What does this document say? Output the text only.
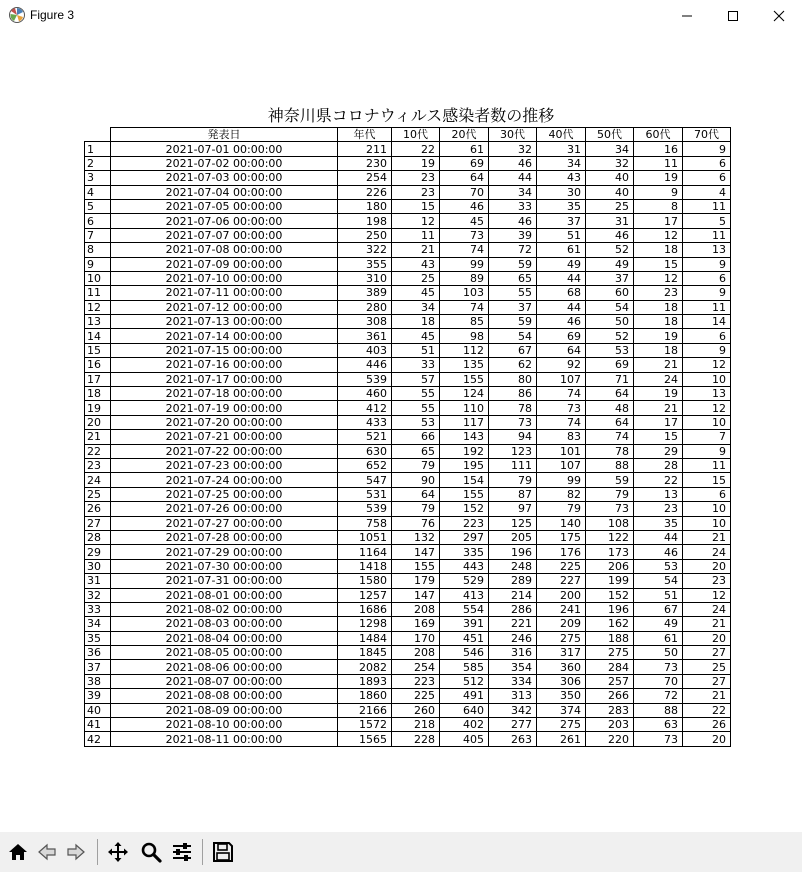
Figure 3
神奈川県コロナウィルス感染者数の推移
	発表日	年代	10代	20代	30代	40代	50代	60代	70代
1	2021-07-01 00:00:00	211	22	61	32	31	34	16	9
2	2021-07-02 00:00:00	230	19	69	46	34	32	11	6
3	2021-07-03 00:00:00	254	23	64	44	43	40	19	6
4	2021-07-04 00:00:00	226	23	70	34	30	40	9	4
5	2021-07-05 00:00:00	180	15	46	33	35	25	8	11
6	2021-07-06 00:00:00	198	12	45	46	37	31	17	5
7	2021-07-07 00:00:00	250	11	73	39	51	46	12	11
8	2021-07-08 00:00:00	322	21	74	72	61	52	18	13
9	2021-07-09 00:00:00	355	43	99	59	49	49	15	9
10	2021-07-10 00:00:00	310	25	89	65	44	37	12	6
11	2021-07-11 00:00:00	389	45	103	55	68	60	23	9
12	2021-07-12 00:00:00	280	34	74	37	44	54	18	11
13	2021-07-13 00:00:00	308	18	85	59	46	50	18	14
14	2021-07-14 00:00:00	361	45	98	54	69	52	19	6
15	2021-07-15 00:00:00	403	51	112	67	64	53	18	9
16	2021-07-16 00:00:00	446	33	135	62	92	69	21	12
17	2021-07-17 00:00:00	539	57	155	80	107	71	24	10
18	2021-07-18 00:00:00	460	55	124	86	74	64	19	13
19	2021-07-19 00:00:00	412	55	110	78	73	48	21	12
20	2021-07-20 00:00:00	433	53	117	73	74	64	17	10
21	2021-07-21 00:00:00	521	66	143	94	83	74	15	7
22	2021-07-22 00:00:00	630	65	192	123	101	78	29	9
23	2021-07-23 00:00:00	652	79	195	111	107	88	28	11
24	2021-07-24 00:00:00	547	90	154	79	99	59	22	15
25	2021-07-25 00:00:00	531	64	155	87	82	79	13	6
26	2021-07-26 00:00:00	539	79	152	97	79	73	23	10
27	2021-07-27 00:00:00	758	76	223	125	140	108	35	10
28	2021-07-28 00:00:00	1051	132	297	205	175	122	44	21
29	2021-07-29 00:00:00	1164	147	335	196	176	173	46	24
30	2021-07-30 00:00:00	1418	155	443	248	225	206	53	20
31	2021-07-31 00:00:00	1580	179	529	289	227	199	54	23
32	2021-08-01 00:00:00	1257	147	413	214	200	152	51	12
33	2021-08-02 00:00:00	1686	208	554	286	241	196	67	24
34	2021-08-03 00:00:00	1298	169	391	221	209	162	49	21
35	2021-08-04 00:00:00	1484	170	451	246	275	188	61	20
36	2021-08-05 00:00:00	1845	208	546	316	317	275	50	27
37	2021-08-06 00:00:00	2082	254	585	354	360	284	73	25
38	2021-08-07 00:00:00	1893	223	512	334	306	257	70	27
39	2021-08-08 00:00:00	1860	225	491	313	350	266	72	21
40	2021-08-09 00:00:00	2166	260	640	342	374	283	88	22
41	2021-08-10 00:00:00	1572	218	402	277	275	203	63	26
42	2021-08-11 00:00:00	1565	228	405	263	261	220	73	20
